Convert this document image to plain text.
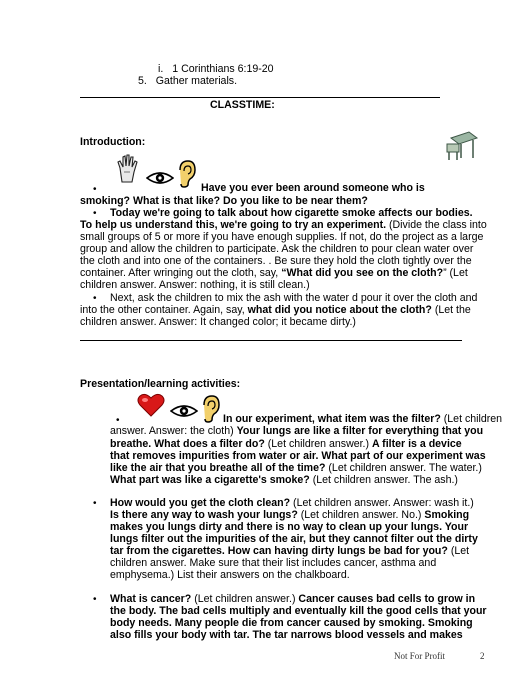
i. 1 Corinthians 6:19-20
5. Gather materials.
CLASSTIME:
Introduction:
•	Have you ever been around someone who is
smoking? What is that like? Do you like to be near them?
• Today we're going to talk about how cigarette smoke affects our bodies.
To help us understand this, we're going to try an experiment. (Divide the class into
small groups of 5 or more if you have enough supplies. If not, do the project as a large
group and allow the children to participate. Ask the children to pour clean water over
the cloth and into one of the containers. . Be sure they hold the cloth tightly over the
container. After wringing out the cloth, say, “What did you see on the cloth?” (Let
children answer. Answer: nothing, it is still clean.)
• Next, ask the children to mix the ash with the water d pour it over the cloth and
into the other container. Again, say, what did you notice about the cloth? (Let the
children answer. Answer: It changed color; it became dirty.)
Presentation/learning activities:
•	In our experiment, what item was the filter? (Let children
answer. Answer: the cloth) Your lungs are like a filter for everything that you
breathe. What does a filter do? (Let children answer.) A filter is a device
that removes impurities from water or air. What part of our experiment was
like the air that you breathe all of the time? (Let children answer. The water.)
What part was like a cigarette's smoke? (Let children answer. The ash.)
• How would you get the cloth clean? (Let children answer. Answer: wash it.)
Is there any way to wash your lungs? (Let children answer. No.) Smoking
makes you lungs dirty and there is no way to clean up your lungs. Your
lungs filter out the impurities of the air, but they cannot filter out the dirty
tar from the cigarettes. How can having dirty lungs be bad for you? (Let
children answer. Make sure that their list includes cancer, asthma and
emphysema.) List their answers on the chalkboard.
• What is cancer? (Let children answer.) Cancer causes bad cells to grow in
the body. The bad cells multiply and eventually kill the good cells that your
body needs. Many people die from cancer caused by smoking. Smoking
also fills your body with tar. The tar narrows blood vessels and makes
Not For Profit	2
